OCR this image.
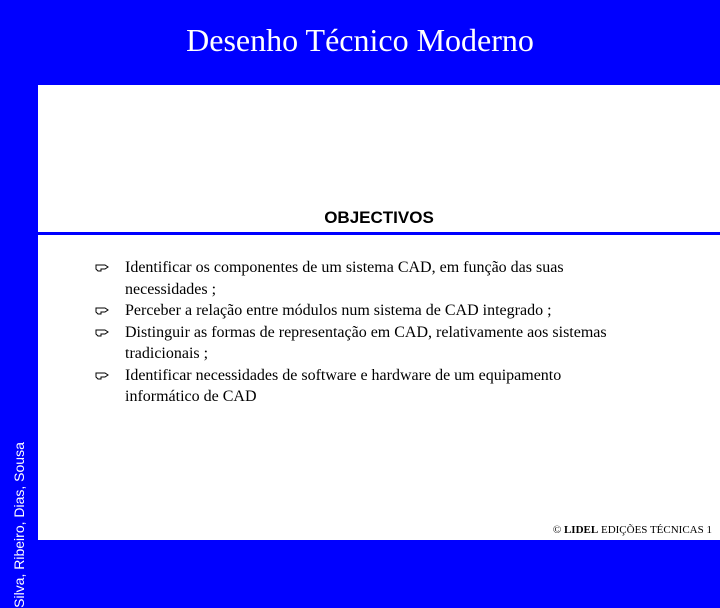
Desenho Técnico Moderno
Silva, Ribeiro, Dias, Sousa
OBJECTIVOS
Identificar os componentes de um sistema CAD, em função das suas necessidades ;
Perceber a relação entre módulos num sistema de CAD integrado ;
Distinguir as formas de representação em CAD, relativamente aos sistemas tradicionais ;
Identificar necessidades de software e hardware de um equipamento informático de CAD
© LIDEL EDIÇÕES TÉCNICAS 1
